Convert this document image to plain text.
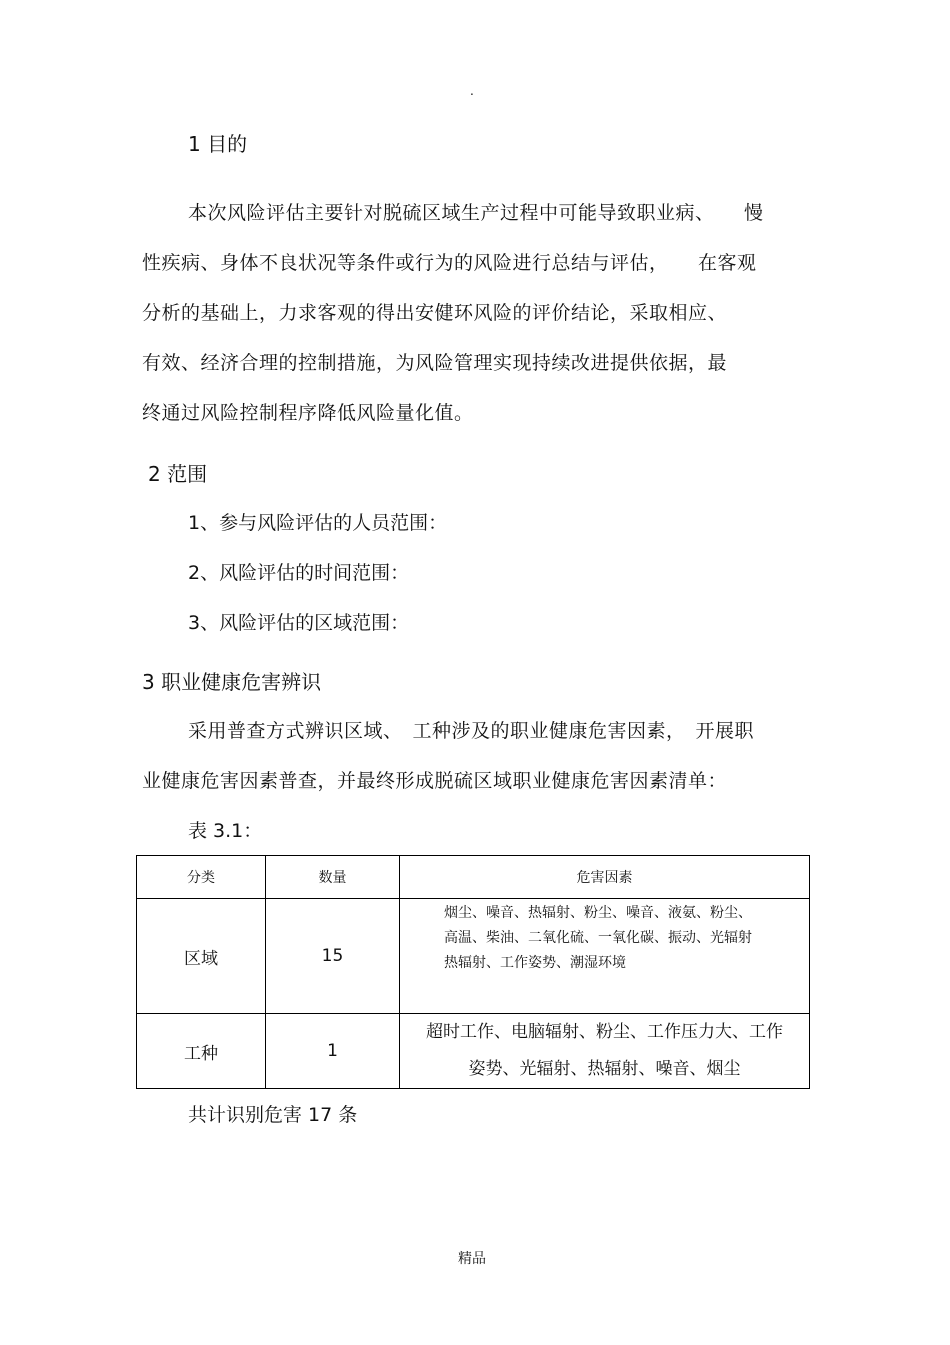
.
1 目的
本次风险评估主要针对脱硫区域生产过程中可能导致职业病、　　慢
性疾病、身体不良状况等条件或行为的风险进行总结与评估，　　在客观
分析的基础上，力求客观的得出安健环风险的评价结论，采取相应、
有效、经济合理的控制措施，为风险管理实现持续改进提供依据，最
终通过风险控制程序降低风险量化值。
2 范围
1、参与风险评估的人员范围：
2、风险评估的时间范围：
3、风险评估的区域范围：
3 职业健康危害辨识
采用普查方式辨识区域、　工种涉及的职业健康危害因素，　开展职
业健康危害因素普查，并最终形成脱硫区域职业健康危害因素清单：
表 3.1：
分类	数量	危害因素
区域	15	烟尘、噪音、热辐射、粉尘、噪音、液氨、粉尘、
高温、柴油、二氧化硫、一氧化碳、振动、光辐射
热辐射、工作姿势、潮湿环境

工种	1	超时工作、电脑辐射、粉尘、工作压力大、工作
姿势、光辐射、热辐射、噪音、烟尘
共计识别危害 17 条
精品
